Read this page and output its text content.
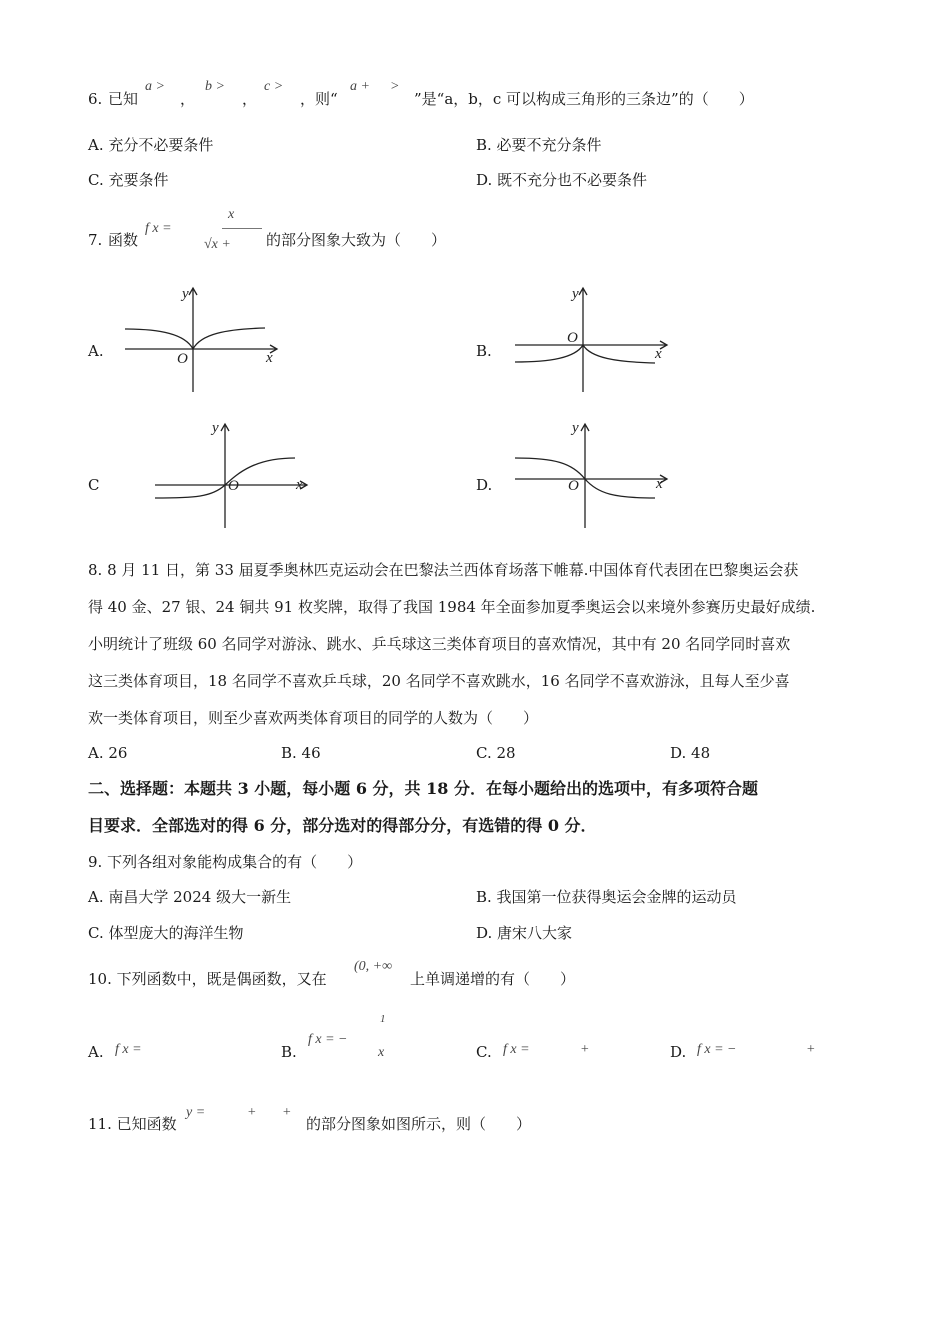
6. 已知
a >
，
b >
，
c >
，则“
a + >
”是“a，b，c 可以构成三角形的三条边”的（　　）
A. 充分不必要条件	B. 必要不充分条件
C. 充要条件	D. 既不充分也不必要条件
7. 函数
f x =
x
√x + 的部分图象大致为（　　）
A.
y
x
O	B.
y
x
O
C
y
x
O	D.
y
x
O
8. 8 月 11 日，第 33 届夏季奥林匹克运动会在巴黎法兰西体育场落下帷幕.中国体育代表团在巴黎奥运会获
得 40 金、27 银、24 铜共 91 枚奖牌，取得了我国 1984 年全面参加夏季奥运会以来境外参赛历史最好成绩.
小明统计了班级 60 名同学对游泳、跳水、乒乓球这三类体育项目的喜欢情况，其中有 20 名同学同时喜欢
这三类体育项目，18 名同学不喜欢乒乓球，20 名同学不喜欢跳水，16 名同学不喜欢游泳，且每人至少喜
欢一类体育项目，则至少喜欢两类体育项目的同学的人数为（　　）
A. 26	B. 46	C. 28	D. 48
二、选择题：本题共 3 小题，每小题 6 分，共 18 分．在每小题给出的选项中，有多项符合题
目要求．全部选对的得 6 分，部分选对的得部分分，有选错的得 0 分．
9. 下列各组对象能构成集合的有（　　）
A. 南昌大学 2024 级大一新生	B. 我国第一位获得奥运会金牌的运动员
C. 体型庞大的海洋生物	D. 唐宋八大家
10. 下列函数中，既是偶函数，又在
(0, +∞
上单调递增的有（　　）
A. f x =	B.
f x = −
1
x	C. f x =	+	D. f x = −	+
11. 已知函数
y =	+ +
的部分图象如图所示，则（　　）
